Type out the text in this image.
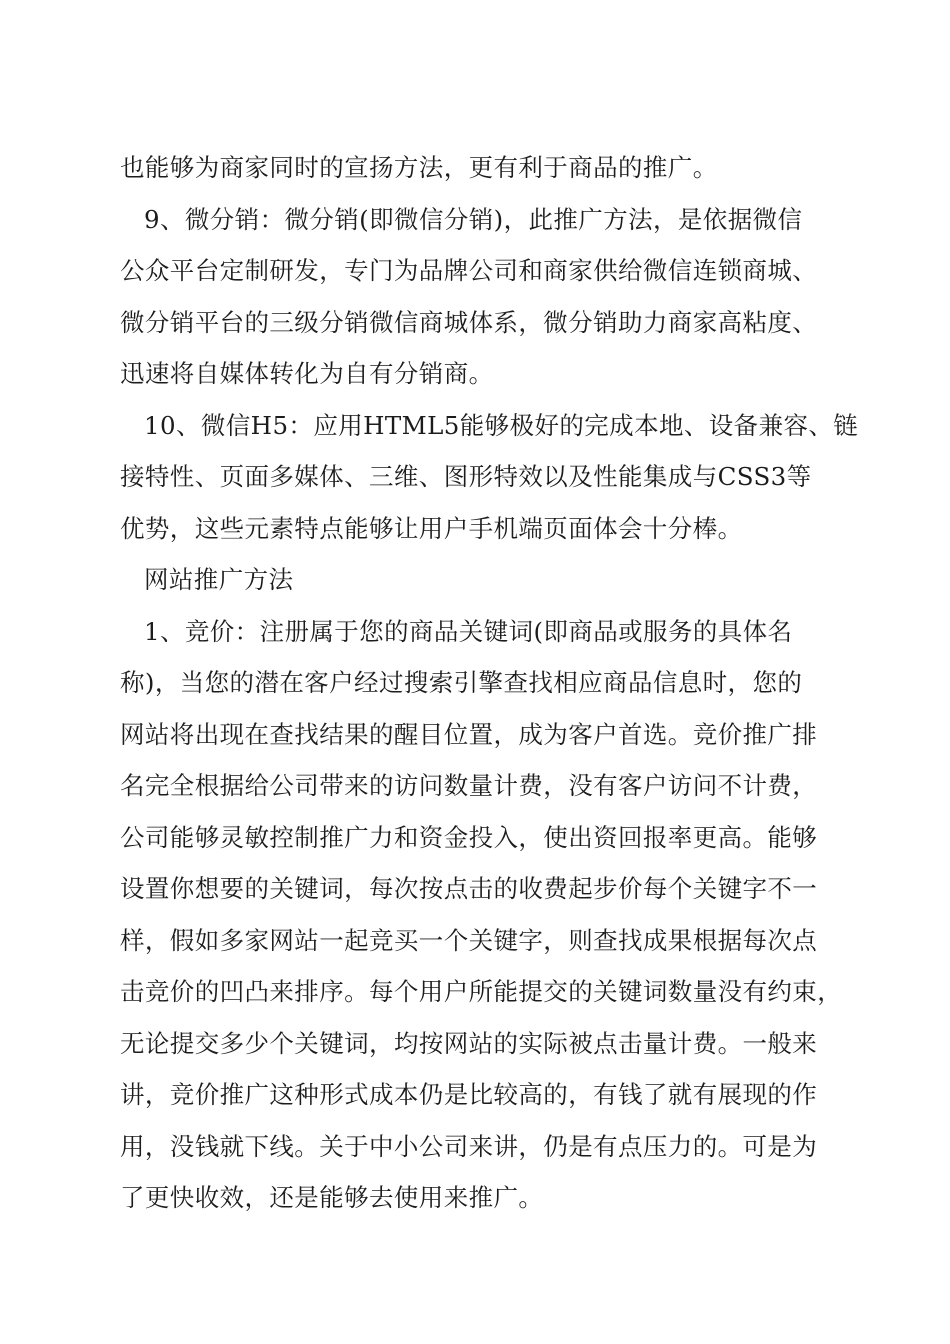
也能够为商家同时的宣扬方法，更有利于商品的推广。
9、微分销：微分销(即微信分销)，此推广方法，是依据微信
公众平台定制研发，专门为品牌公司和商家供给微信连锁商城、
微分销平台的三级分销微信商城体系，微分销助力商家高粘度、
迅速将自媒体转化为自有分销商。
10、微信H5：应用HTML5能够极好的完成本地、设备兼容、链
接特性、页面多媒体、三维、图形特效以及性能集成与CSS3等
优势，这些元素特点能够让用户手机端页面体会十分棒。
网站推广方法
1、竞价：注册属于您的商品关键词(即商品或服务的具体名
称)，当您的潜在客户经过搜索引擎查找相应商品信息时，您的
网站将出现在查找结果的醒目位置，成为客户首选。竞价推广排
名完全根据给公司带来的访问数量计费，没有客户访问不计费，
公司能够灵敏控制推广力和资金投入，使出资回报率更高。能够
设置你想要的关键词，每次按点击的收费起步价每个关键字不一
样，假如多家网站一起竞买一个关键字，则查找成果根据每次点
击竞价的凹凸来排序。每个用户所能提交的关键词数量没有约束，
无论提交多少个关键词，均按网站的实际被点击量计费。一般来
讲，竞价推广这种形式成本仍是比较高的，有钱了就有展现的作
用，没钱就下线。关于中小公司来讲，仍是有点压力的。可是为
了更快收效，还是能够去使用来推广。
